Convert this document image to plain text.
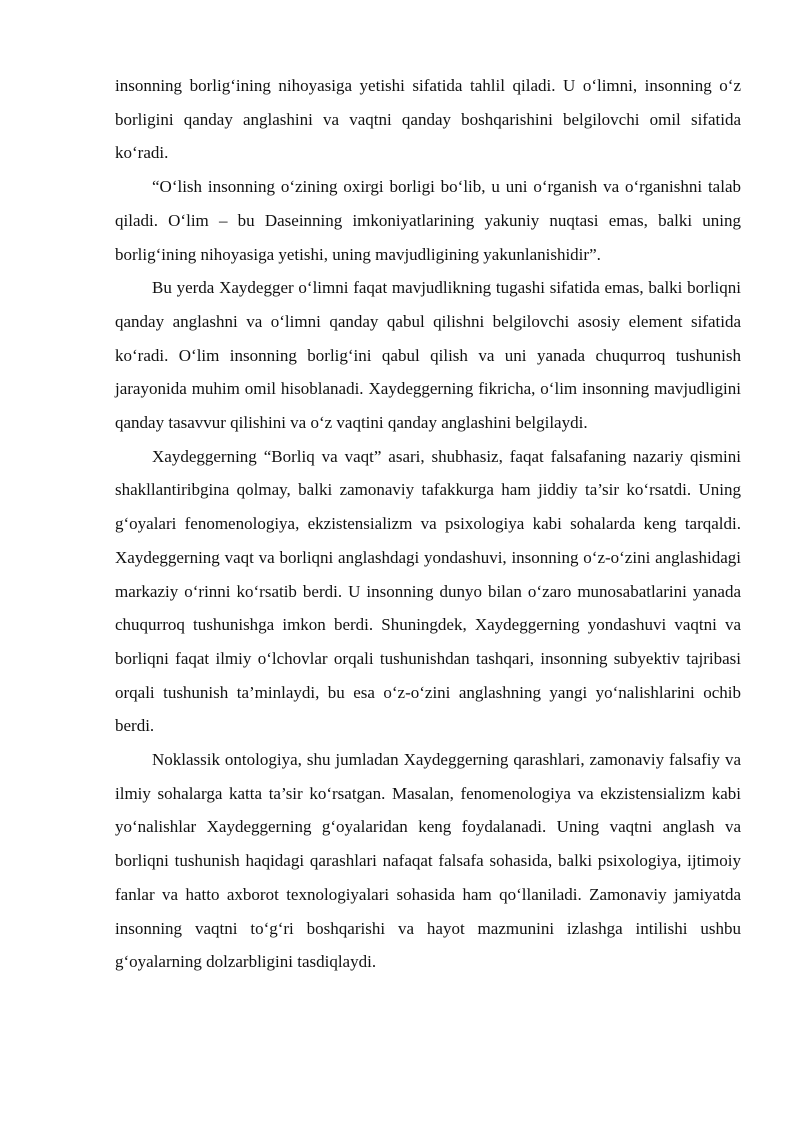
insonning borlig‘ining nihoyasiga yetishi sifatida tahlil qiladi. U o‘limni, insonning o‘z borligini qanday anglashini va vaqtni qanday boshqarishini belgilovchi omil sifatida ko‘radi.

“O‘lish insonning o‘zining oxirgi borligi bo‘lib, u uni o‘rganish va o‘rganishni talab qiladi. O‘lim – bu Daseinning imkoniyatlarining yakuniy nuqtasi emas, balki uning borlig‘ining nihoyasiga yetishi, uning mavjudligining yakunlanishidir”.

Bu yerda Xaydegger o‘limni faqat mavjudlikning tugashi sifatida emas, balki borliqni qanday anglashni va o‘limni qanday qabul qilishni belgilovchi asosiy element sifatida ko‘radi. O‘lim insonning borlig‘ini qabul qilish va uni yanada chuqurroq tushunish jarayonida muhim omil hisoblanadi. Xaydeggerning fikricha, o‘lim insonning mavjudligini qanday tasavvur qilishini va o‘z vaqtini qanday anglashini belgilaydi.

Xaydeggerning “Borliq va vaqt” asari, shubhasiz, faqat falsafaning nazariy qismini shakllantiribgina qolmay, balki zamonaviy tafakkurga ham jiddiy ta’sir ko‘rsatdi. Uning g‘oyalari fenomenologiya, ekzistensializm va psixologiya kabi sohalarda keng tarqaldi. Xaydeggerning vaqt va borliqni anglashdagi yondashuvi, insonning o‘z-o‘zini anglashidagi markaziy o‘rinni ko‘rsatib berdi. U insonning dunyo bilan o‘zaro munosabatlarini yanada chuqurroq tushunishga imkon berdi. Shuningdek, Xaydeggerning yondashuvi vaqtni va borliqni faqat ilmiy o‘lchovlar orqali tushunishdan tashqari, insonning subyektiv tajribasi orqali tushunish ta’minlaydi, bu esa o‘z-o‘zini anglashning yangi yo‘nalishlarini ochib berdi.

Noklassik ontologiya, shu jumladan Xaydeggerning qarashlari, zamonaviy falsafiy va ilmiy sohalarga katta ta’sir ko‘rsatgan. Masalan, fenomenologiya va ekzistensializm kabi yo‘nalishlar Xaydeggerning g‘oyalaridan keng foydalanadi. Uning vaqtni anglash va borliqni tushunish haqidagi qarashlari nafaqat falsafa sohasida, balki psixologiya, ijtimoiy fanlar va hatto axborot texnologiyalari sohasida ham qo‘llaniladi. Zamonaviy jamiyatda insonning vaqtni to‘g‘ri boshqarishi va hayot mazmunini izlashga intilishi ushbu g‘oyalarning dolzarbligini tasdiqlaydi.
